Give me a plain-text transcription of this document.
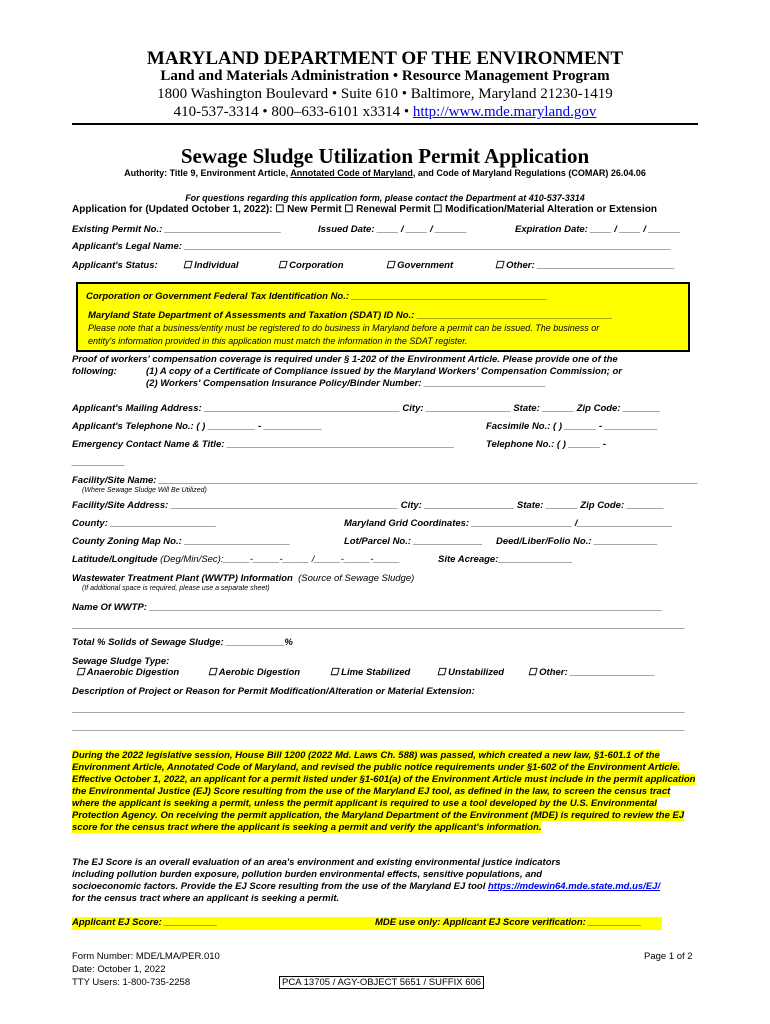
MARYLAND DEPARTMENT OF THE ENVIRONMENT
Land and Materials Administration • Resource Management Program
1800 Washington Boulevard • Suite 610 • Baltimore, Maryland 21230-1419
410-537-3314 • 800–633-6101 x3314 • http://www.mde.maryland.gov
Sewage Sludge Utilization Permit Application
Authority: Title 9, Environment Article, Annotated Code of Maryland, and Code of Maryland Regulations (COMAR) 26.04.06
For questions regarding this application form, please contact the Department at 410-537-3314
Application for (Updated October 1, 2022): ☐ New Permit ☐ Renewal Permit ☐ Modification/Material Alteration or Extension
Existing Permit No.: ______________________	Issued Date: ____ / ____ / ______	Expiration Date: ____ / ____ / ______
Applicant's Legal Name: ____________________________________________________________________________________________
Applicant's Status:	☐ Individual	☐ Corporation	☐ Government	☐ Other: __________________________
Corporation or Government Federal Tax Identification No.: _____________________________________
Maryland State Department of Assessments and Taxation (SDAT) ID No.: _____________________________________
Please note that a business/entity must be registered to do business in Maryland before a permit can be issued. The business or
entity's information provided in this application must match the information in the SDAT register.
Proof of workers' compensation coverage is required under § 1-202 of the Environment Article. Please provide one of the
following:	(1) A copy of a Certificate of Compliance issued by the Maryland Workers' Compensation Commission; or
(2) Workers' Compensation Insurance Policy/Binder Number: _______________________
Applicant's Mailing Address: _____________________________________ City: ________________ State: ______ Zip Code: _______
Applicant's Telephone No.: ( ) _________ - ___________	Facsimile No.: ( ) ______ - __________
Emergency Contact Name & Title: ___________________________________________	Telephone No.: ( ) ______ -
__________
Facility/Site Name: ______________________________________________________________________________________________________
(Where Sewage Sludge Will Be Utilized)
Facility/Site Address: ___________________________________________ City: _________________ State: ______ Zip Code: _______
County: ____________________	Maryland Grid Coordinates: ___________________ /__________________
County Zoning Map No.: ____________________	Lot/Parcel No.: _____________ Deed/Liber/Folio No.: ____________
Latitude/Longitude (Deg/Min/Sec):_____-_____-_____ /_____-_____-_____	Site Acreage:______________
Wastewater Treatment Plant (WWTP) Information (Source of Sewage Sludge)
(If additional space is required, please use a separate sheet)
Name Of WWTP: _________________________________________________________________________________________________
____________________________________________________________________________________________________________________
Total % Solids of Sewage Sludge: ___________%
Sewage Sludge Type:
☐ Anaerobic Digestion	☐ Aerobic Digestion	☐ Lime Stabilized	☐ Unstabilized	☐ Other: ________________
Description of Project or Reason for Permit Modification/Alteration or Material Extension:
____________________________________________________________________________________________________________________
____________________________________________________________________________________________________________________
During the 2022 legislative session, House Bill 1200 (2022 Md. Laws Ch. 588) was passed, which created a new law, §1-601.1 of the Environment Article, Annotated Code of Maryland, and revised the public notice requirements under §1-602 of the Environment Article. Effective October 1, 2022, an applicant for a permit listed under §1-601(a) of the Environment Article must include in the permit application the Environmental Justice (EJ) Score resulting from the use of the Maryland EJ tool, as defined in the law, to screen the census tract where the applicant is seeking a permit, unless the permit applicant is required to use a tool developed by the U.S. Environmental Protection Agency. On receiving the permit application, the Maryland Department of the Environment (MDE) is required to review the EJ score for the census tract where the applicant is seeking a permit and verify the applicant's information.
The EJ Score is an overall evaluation of an area's environment and existing environmental justice indicators
including pollution burden exposure, pollution burden environmental effects, sensitive populations, and
socioeconomic factors. Provide the EJ Score resulting from the use of the Maryland EJ tool https://mdewin64.mde.state.md.us/EJ/
for the census tract where an applicant is seeking a permit.
Applicant EJ Score: __________	MDE use only: Applicant EJ Score verification: __________
Form Number: MDE/LMA/PER.010
Date: October 1, 2022
TTY Users: 1-800-735-2258	PCA 13705 / AGY-OBJECT 5651 / SUFFIX 606
Page 1 of 2
